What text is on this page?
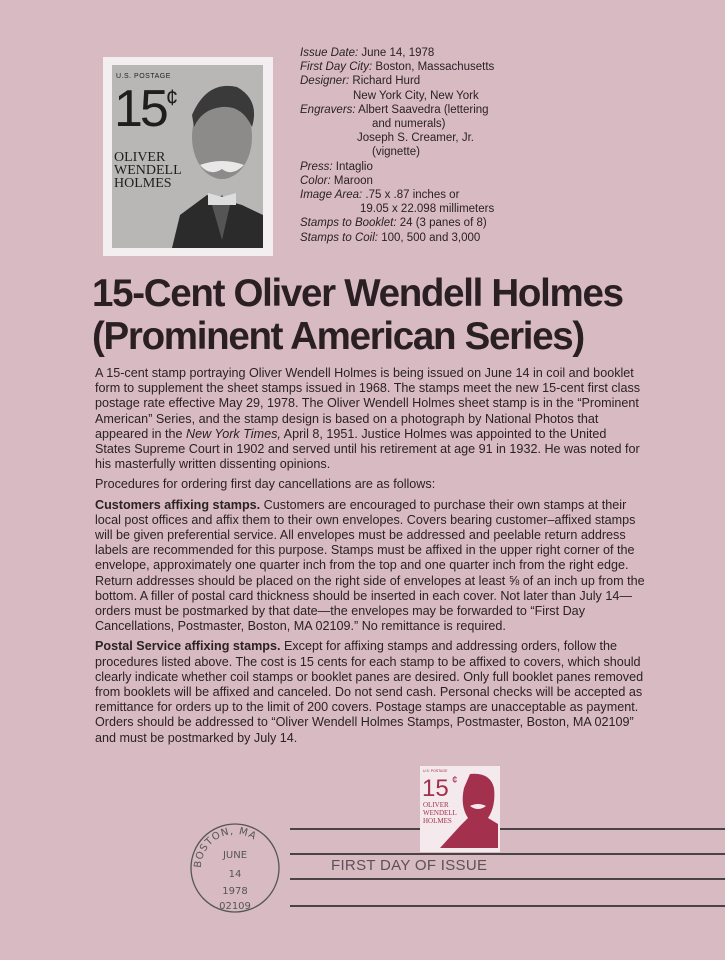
U.S. POSTAGE
15¢
OLIVER
WENDELL
HOLMES
Issue Date: June 14, 1978
First Day City: Boston, Massachusetts
Designer: Richard Hurd
New York City, New York
Engravers: Albert Saavedra (lettering
and numerals)
Joseph S. Creamer, Jr.
(vignette)
Press: Intaglio
Color: Maroon
Image Area: .75 x .87 inches or
19.05 x 22.098 millimeters
Stamps to Booklet: 24 (3 panes of 8)
Stamps to Coil: 100, 500 and 3,000
15-Cent Oliver Wendell Holmes
(Prominent American Series)

A 15-cent stamp portraying Oliver Wendell Holmes is being issued on June 14 in coil and booklet form to supplement the sheet stamps issued in 1968. The stamps meet the new 15-cent first class postage rate effective May 29, 1978. The Oliver Wendell Holmes sheet stamp is in the “Prominent American” Series, and the stamp design is based on a photograph by National Photos that appeared in the New York Times, April 8, 1951. Justice Holmes was appointed to the United States Supreme Court in 1902 and served until his retirement at age 91 in 1932. He was noted for his masterfully written dissenting opinions.

Procedures for ordering first day cancellations are as follows:

Customers affixing stamps. Customers are encouraged to purchase their own stamps at their local post offices and affix them to their own envelopes. Covers bearing customer–affixed stamps will be given preferential service. All envelopes must be addressed and peelable return address labels are recommended for this purpose. Stamps must be affixed in the upper right corner of the envelope, approximately one quarter inch from the top and one quarter inch from the right edge. Return addresses should be placed on the right side of envelopes at least ⅝ of an inch up from the bottom. A filler of postal card thickness should be inserted in each cover. Not later than July 14—orders must be postmarked by that date—the envelopes may be forwarded to “First Day Cancellations, Postmaster, Boston, MA 02109.” No remittance is required.

Postal Service affixing stamps. Except for affixing stamps and addressing orders, follow the procedures listed above. The cost is 15 cents for each stamp to be affixed to covers, which should clearly indicate whether coil stamps or booklet panes are desired. Only full booklet panes removed from booklets will be affixed and canceled. Do not send cash. Personal checks will be accepted as remittance for orders up to the limit of 200 covers. Postage stamps are unacceptable as payment. Orders should be addressed to “Oliver Wendell Holmes Stamps, Postmaster, Boston, MA 02109” and must be postmarked by July 14.

FIRST DAY OF ISSUE
U.S. POSTAGE
15 ¢
OLIVER
WENDELL
HOLMES
BOSTON, MA
JUNE
14
1978
02109
